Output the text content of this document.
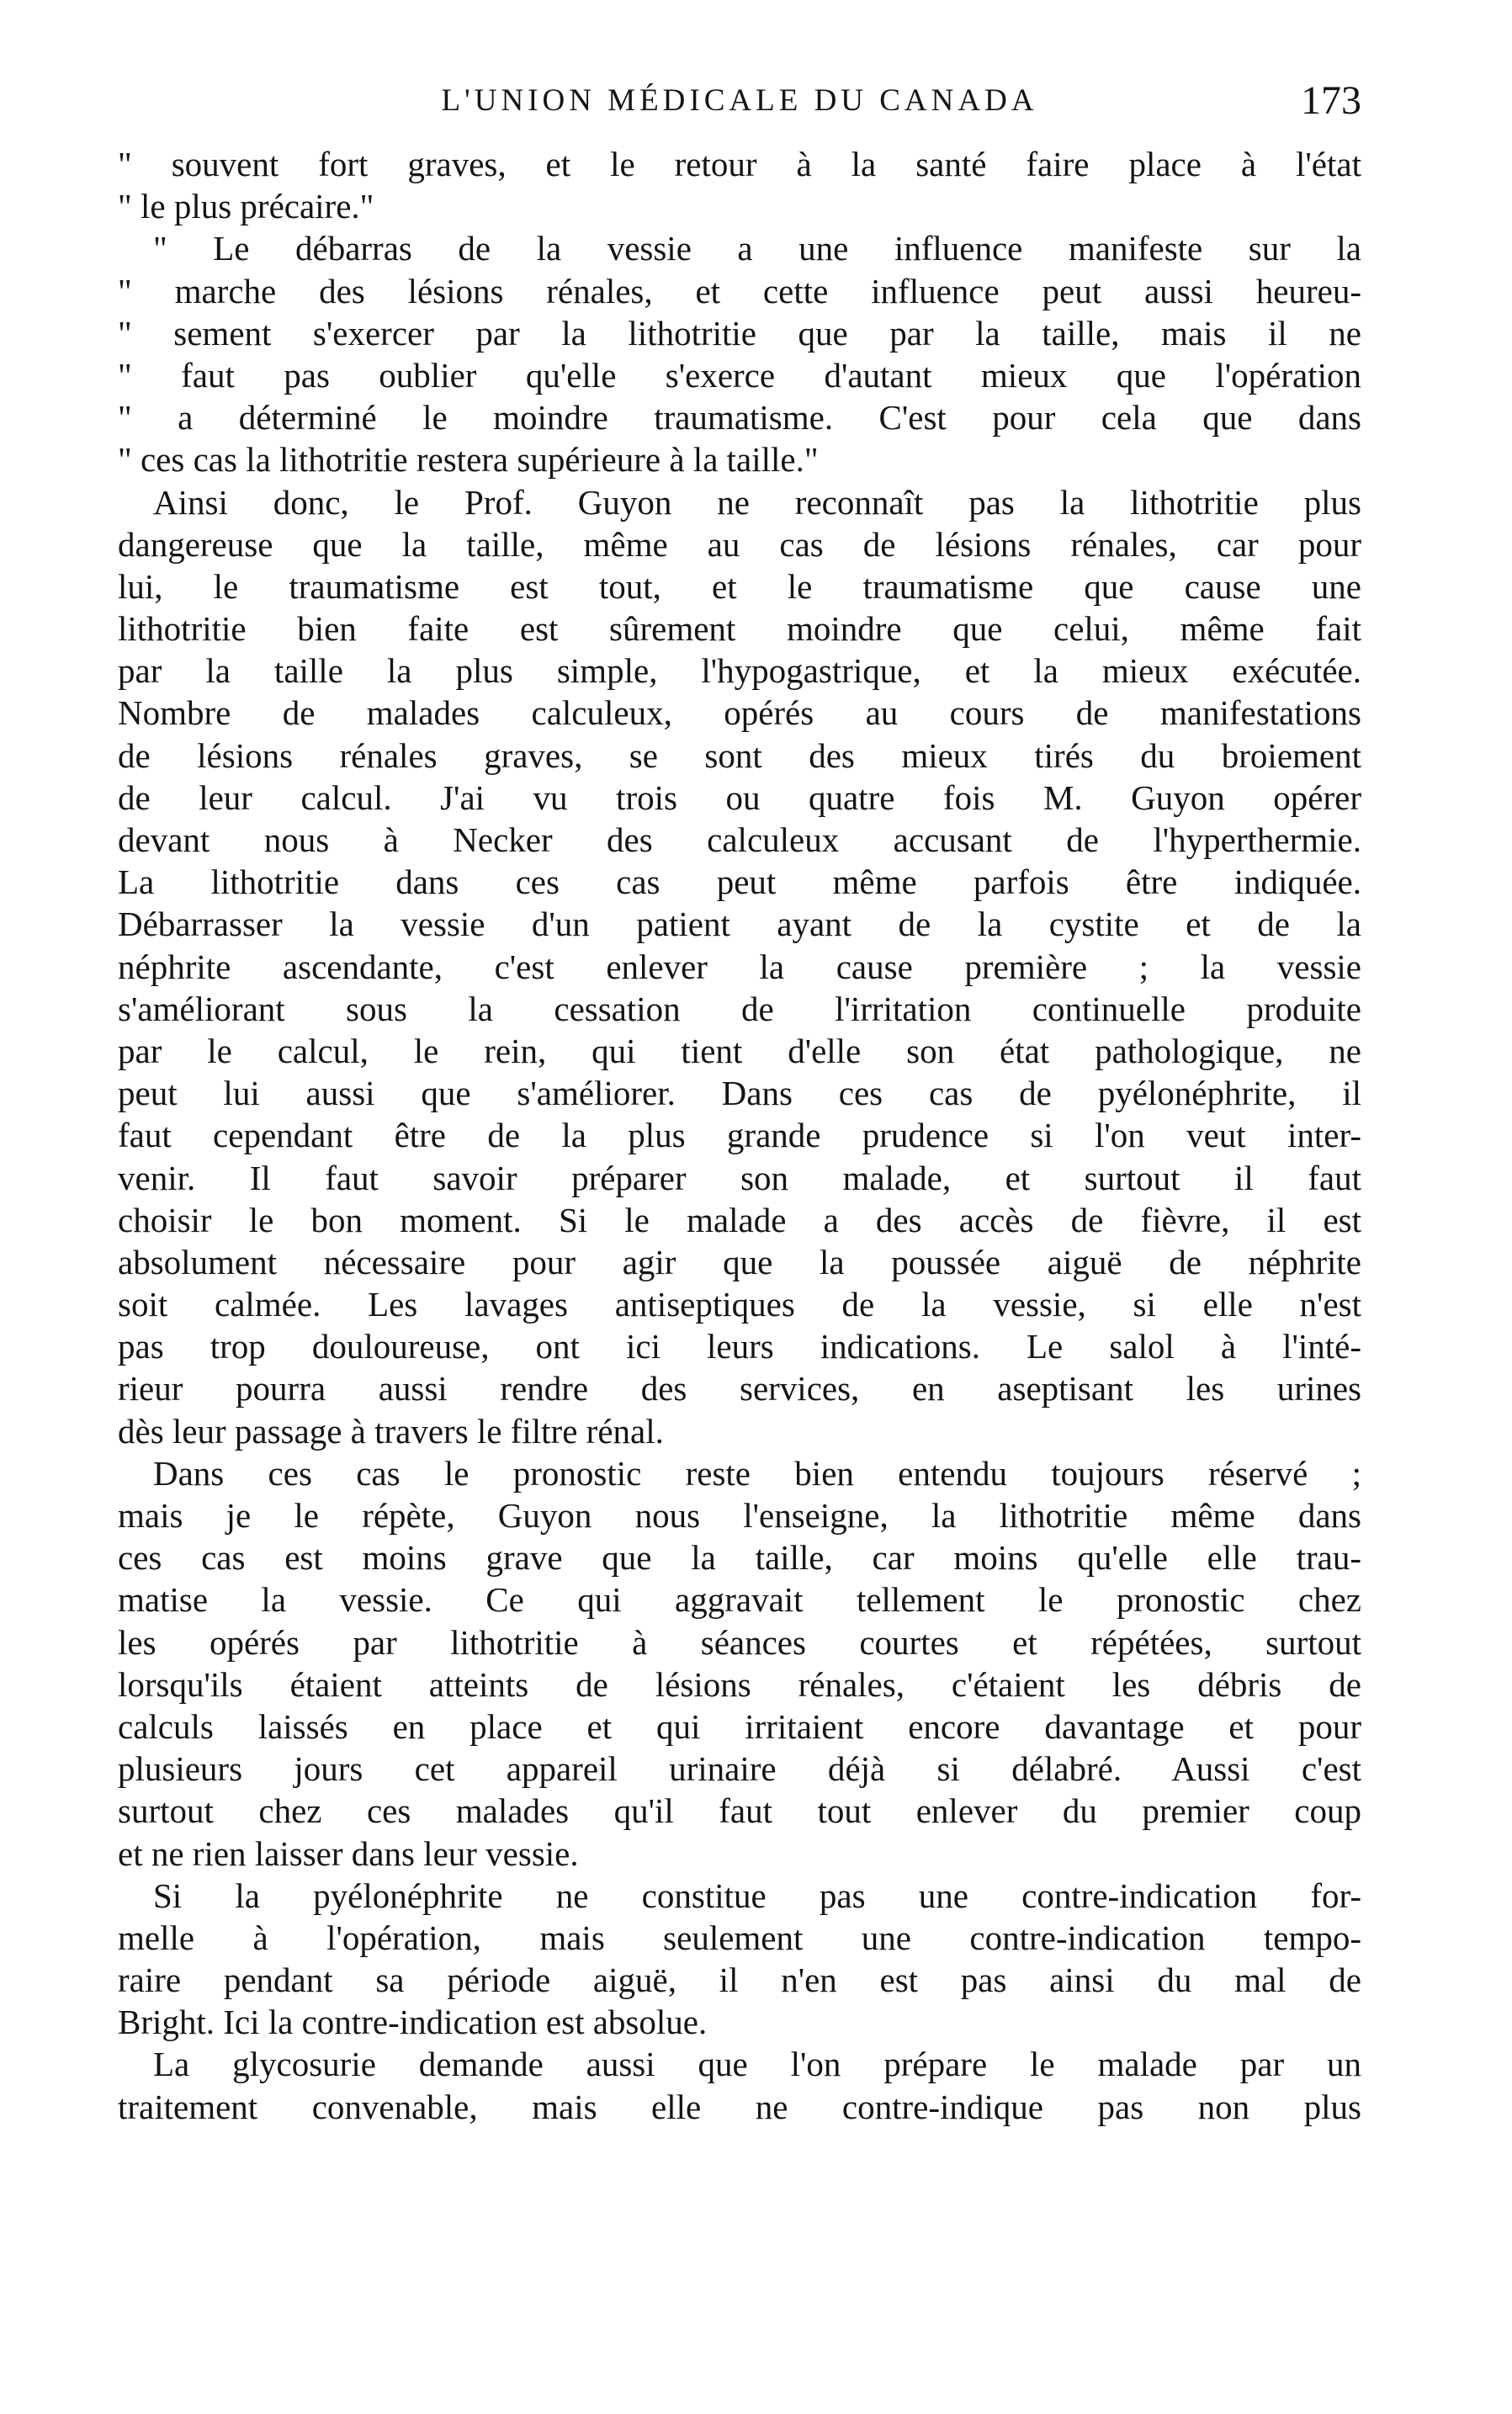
L'UNION MÉDICALE DU CANADA	173
" souvent fort graves, et le retour à la santé faire place à l'état
" le plus précaire."
" Le débarras de la vessie a une influence manifeste sur la
" marche des lésions rénales, et cette influence peut aussi heureu-
" sement s'exercer par la lithotritie que par la taille, mais il ne
" faut pas oublier qu'elle s'exerce d'autant mieux que l'opération
" a déterminé le moindre traumatisme. C'est pour cela que dans
" ces cas la lithotritie restera supérieure à la taille."
Ainsi donc, le Prof. Guyon ne reconnaît pas la lithotritie plus
dangereuse que la taille, même au cas de lésions rénales, car pour
lui, le traumatisme est tout, et le traumatisme que cause une
lithotritie bien faite est sûrement moindre que celui, même fait
par la taille la plus simple, l'hypogastrique, et la mieux exécutée.
Nombre de malades calculeux, opérés au cours de manifestations
de lésions rénales graves, se sont des mieux tirés du broiement
de leur calcul. J'ai vu trois ou quatre fois M. Guyon opérer
devant nous à Necker des calculeux accusant de l'hyperthermie.
La lithotritie dans ces cas peut même parfois être indiquée.
Débarrasser la vessie d'un patient ayant de la cystite et de la
néphrite ascendante, c'est enlever la cause première ; la vessie
s'améliorant sous la cessation de l'irritation continuelle produite
par le calcul, le rein, qui tient d'elle son état pathologique, ne
peut lui aussi que s'améliorer. Dans ces cas de pyélonéphrite, il
faut cependant être de la plus grande prudence si l'on veut inter-
venir. Il faut savoir préparer son malade, et surtout il faut
choisir le bon moment. Si le malade a des accès de fièvre, il est
absolument nécessaire pour agir que la poussée aiguë de néphrite
soit calmée. Les lavages antiseptiques de la vessie, si elle n'est
pas trop douloureuse, ont ici leurs indications. Le salol à l'inté-
rieur pourra aussi rendre des services, en aseptisant les urines
dès leur passage à travers le filtre rénal.
Dans ces cas le pronostic reste bien entendu toujours réservé ;
mais je le répète, Guyon nous l'enseigne, la lithotritie même dans
ces cas est moins grave que la taille, car moins qu'elle elle trau-
matise la vessie. Ce qui aggravait tellement le pronostic chez
les opérés par lithotritie à séances courtes et répétées, surtout
lorsqu'ils étaient atteints de lésions rénales, c'étaient les débris de
calculs laissés en place et qui irritaient encore davantage et pour
plusieurs jours cet appareil urinaire déjà si délabré. Aussi c'est
surtout chez ces malades qu'il faut tout enlever du premier coup
et ne rien laisser dans leur vessie.
Si la pyélonéphrite ne constitue pas une contre-indication for-
melle à l'opération, mais seulement une contre-indication tempo-
raire pendant sa période aiguë, il n'en est pas ainsi du mal de
Bright. Ici la contre-indication est absolue.
La glycosurie demande aussi que l'on prépare le malade par un
traitement convenable, mais elle ne contre-indique pas non plus
